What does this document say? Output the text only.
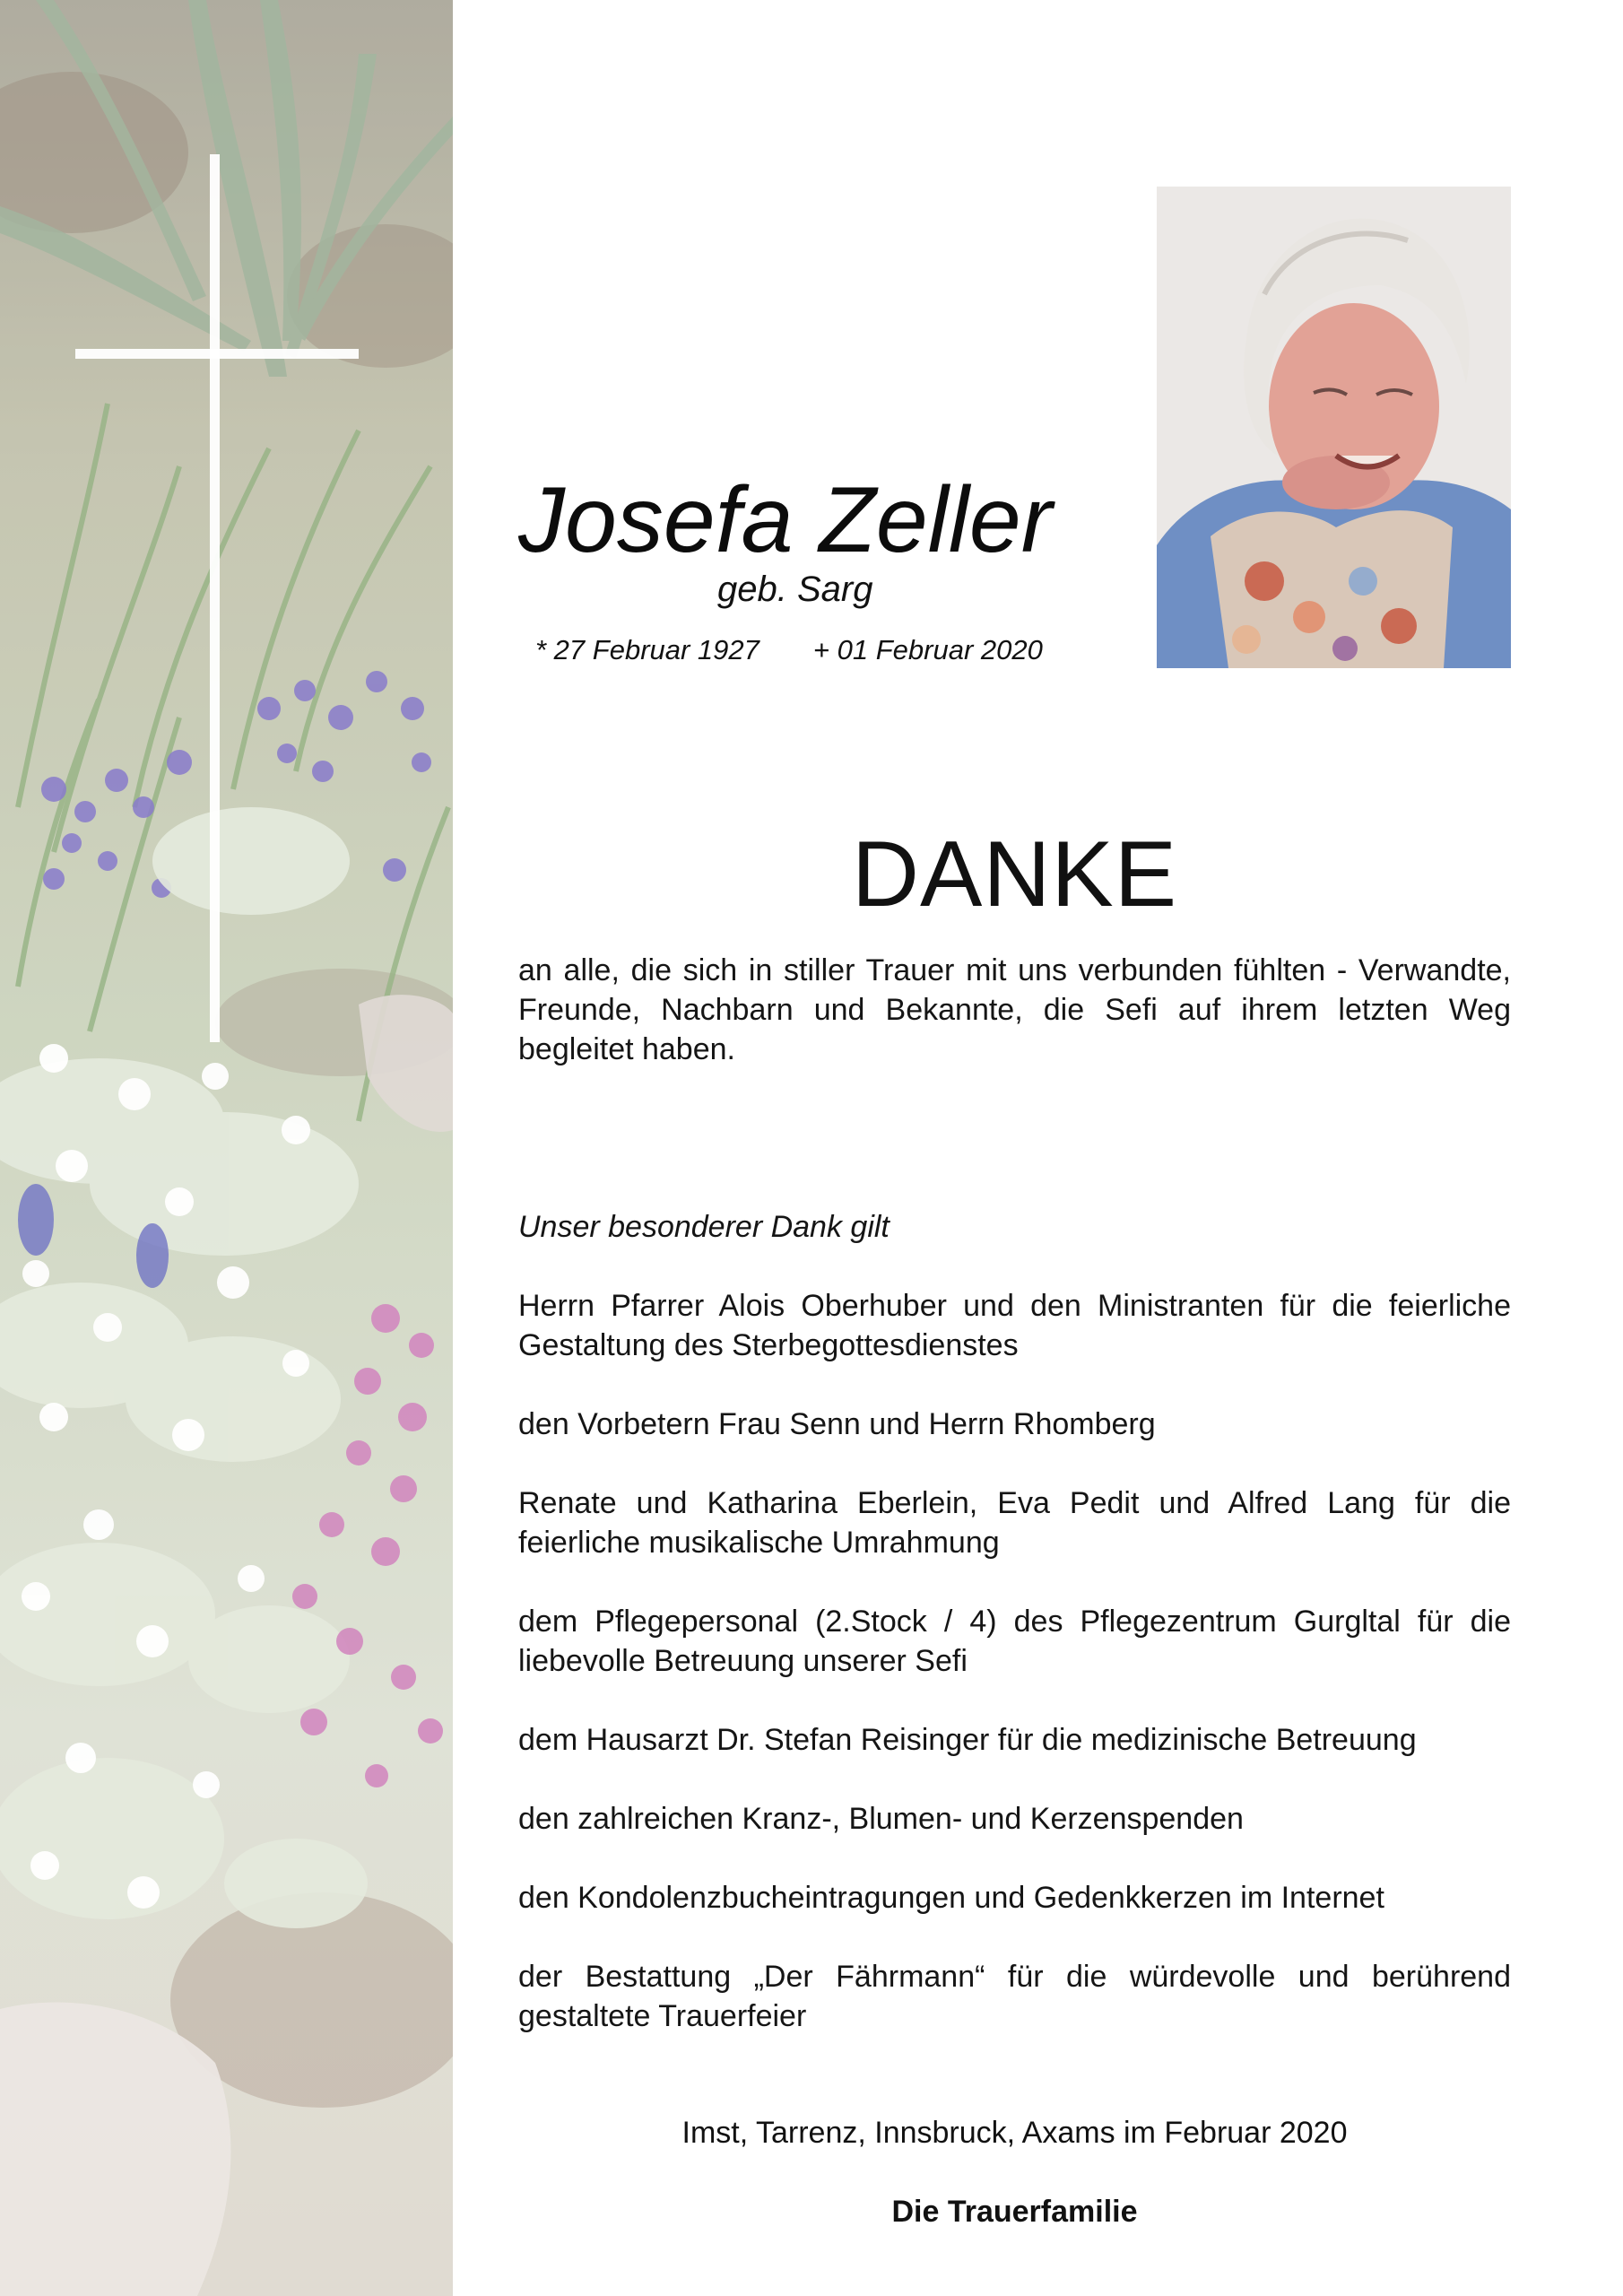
Josefa Zeller
geb. Sarg
* 27 Februar 1927 + 01 Februar 2020
DANKE
an alle, die sich in stiller Trauer mit uns verbunden fühlten - Verwandte, Freunde, Nachbarn und Bekannte, die Sefi auf ihrem letzten Weg begleitet haben.
Unser besonderer Dank gilt
Herrn Pfarrer Alois Oberhuber und den Ministranten für die feierliche Gestaltung des Sterbegottesdienstes
den Vorbetern Frau Senn und Herrn Rhomberg
Renate und Katharina Eberlein, Eva Pedit und Alfred Lang für die feierliche musikalische Umrahmung
dem Pflegepersonal (2.Stock / 4) des Pflegezentrum Gurgltal für die liebevolle Betreuung unserer Sefi
dem Hausarzt Dr. Stefan Reisinger für die medizinische Betreuung
den zahlreichen Kranz-, Blumen- und Kerzenspenden
den Kondolenzbucheintragungen und Gedenkkerzen im Internet
der Bestattung „Der Fährmann“ für die würdevolle und berührend gestaltete Trauerfeier
Imst, Tarrenz, Innsbruck, Axams im Februar 2020
Die Trauerfamilie
